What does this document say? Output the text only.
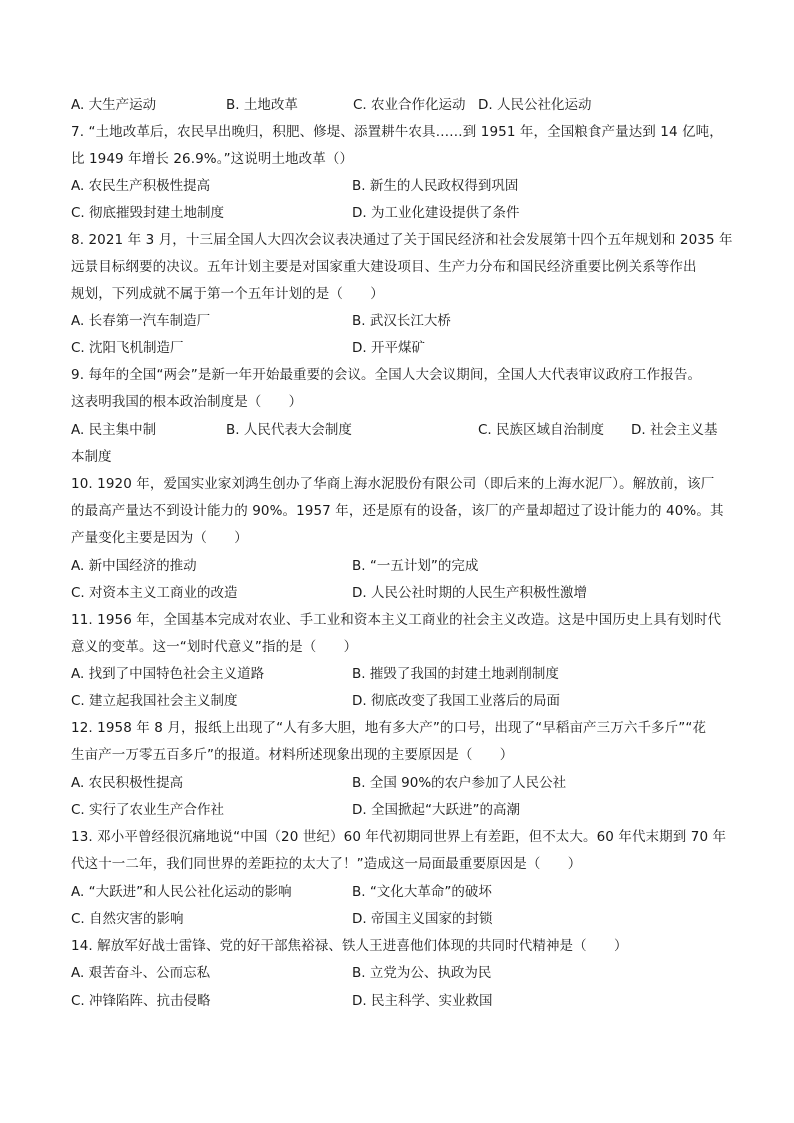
A. 大生产运动	B. 土地改革	C. 农业合作化运动 D. 人民公社化运动
7. “土地改革后，农民早出晚归，积肥、修堤、添置耕牛农具……到 1951 年，全国粮食产量达到 14 亿吨，
比 1949 年增长 26.9%。”这说明土地改革（）
A. 农民生产积极性提高	B. 新生的人民政权得到巩固
C. 彻底摧毁封建土地制度	D. 为工业化建设提供了条件
8. 2021 年 3 月，十三届全国人大四次会议表决通过了关于国民经济和社会发展第十四个五年规划和 2035 年
远景目标纲要的决议。五年计划主要是对国家重大建设项目、生产力分布和国民经济重要比例关系等作出
规划，下列成就不属于第一个五年计划的是（　　）
A. 长春第一汽车制造厂	B. 武汉长江大桥
C. 沈阳飞机制造厂	D. 开平煤矿
9. 每年的全国“两会”是新一年开始最重要的会议。全国人大会议期间，全国人大代表审议政府工作报告。
这表明我国的根本政治制度是（　　）
A. 民主集中制	B. 人民代表大会制度	C. 民族区域自治制度 D. 社会主义基
本制度
10. 1920 年，爱国实业家刘鸿生创办了华商上海水泥股份有限公司（即后来的上海水泥厂）。解放前，该厂
的最高产量达不到设计能力的 90%。1957 年，还是原有的设备，该厂的产量却超过了设计能力的 40%。其
产量变化主要是因为（　　）
A. 新中国经济的推动	B. “一五计划”的完成
C. 对资本主义工商业的改造	D. 人民公社时期的人民生产积极性激增
11. 1956 年，全国基本完成对农业、手工业和资本主义工商业的社会主义改造。这是中国历史上具有划时代
意义的变革。这一“划时代意义”指的是（　　）
A. 找到了中国特色社会主义道路	B. 摧毁了我国的封建土地剥削制度
C. 建立起我国社会主义制度	D. 彻底改变了我国工业落后的局面
12. 1958 年 8 月，报纸上出现了“人有多大胆，地有多大产”的口号，出现了“早稻亩产三万六千多斤”“花
生亩产一万零五百多斤”的报道。材料所述现象出现的主要原因是（　　）
A. 农民积极性提高	B. 全国 90%的农户参加了人民公社
C. 实行了农业生产合作社	D. 全国掀起“大跃进”的高潮
13. 邓小平曾经很沉痛地说“中国（20 世纪）60 年代初期同世界上有差距，但不太大。60 年代末期到 70 年
代这十一二年，我们同世界的差距拉的太大了！”造成这一局面最重要原因是（　　）
A. “大跃进”和人民公社化运动的影响	B. “文化大革命”的破坏
C. 自然灾害的影响	D. 帝国主义国家的封锁
14. 解放军好战士雷锋、党的好干部焦裕禄、铁人王进喜他们体现的共同时代精神是（　　）
A. 艰苦奋斗、公而忘私	B. 立党为公、执政为民
C. 冲锋陷阵、抗击侵略	D. 民主科学、实业救国
